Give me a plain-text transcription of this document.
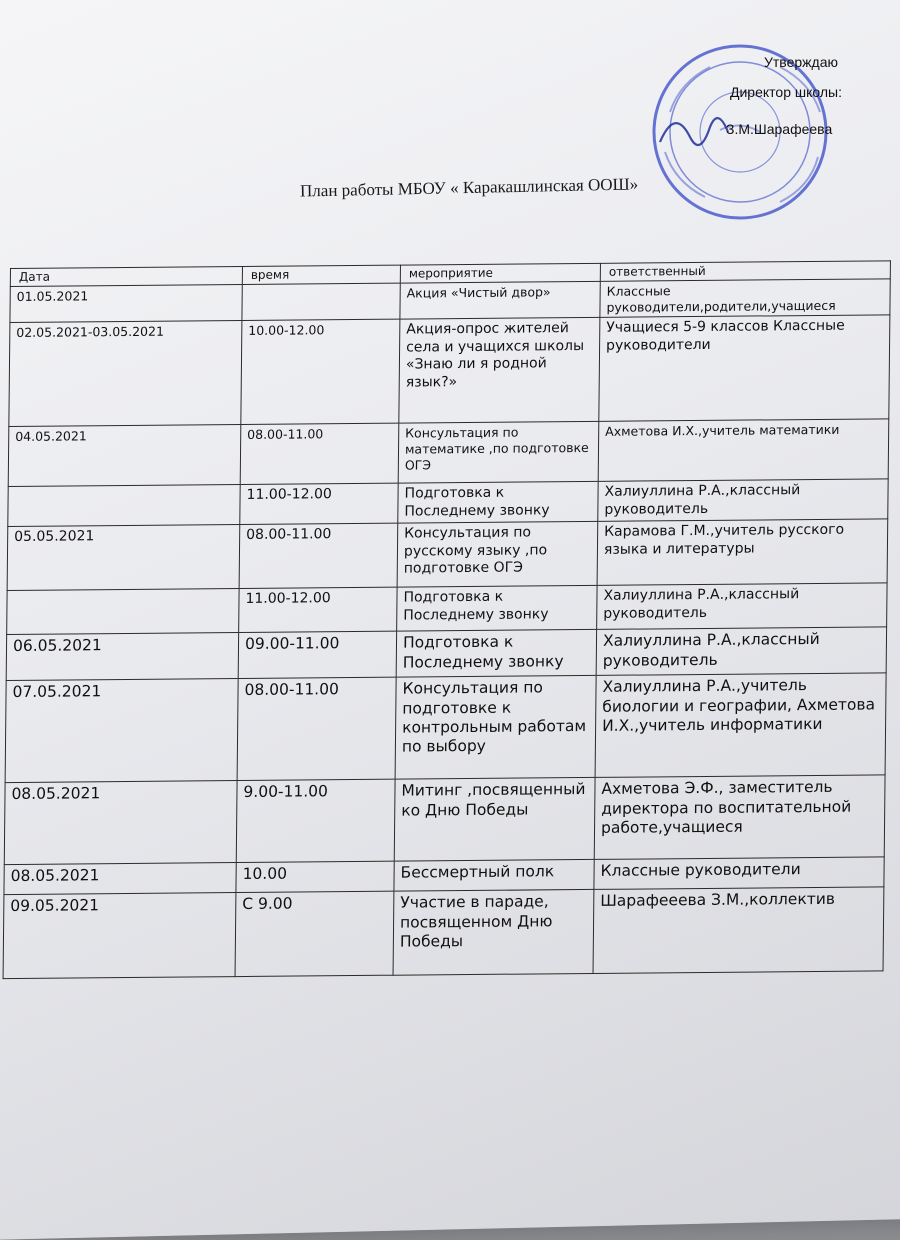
Утверждаю
Директор школы:
З.М.Шарафеева
План работы МБОУ « Каракашлинская ООШ»
Дата	время	мероприятие	ответственный
01.05.2021		Акция «Чистый двор»	Классные руководители,родители,учащиеся
02.05.2021-03.05.2021	10.00-12.00	Акция-опрос жителей села и учащихся школы «Знаю ли я родной язык?»	Учащиеся 5-9 классов Классные руководители
04.05.2021	08.00-11.00	Консультация по математике ,по подготовке ОГЭ	Ахметова И.Х.,учитель математики
	11.00-12.00	Подготовка к Последнему звонку	Халиуллина Р.А.,классный руководитель
05.05.2021	08.00-11.00	Консультация по русскому языку ,по подготовке ОГЭ	Карамова Г.М.,учитель русского языка и литературы
	11.00-12.00	Подготовка к Последнему звонку	Халиуллина Р.А.,классный руководитель
06.05.2021	09.00-11.00	Подготовка к Последнему звонку	Халиуллина Р.А.,классный руководитель
07.05.2021	08.00-11.00	Консультация по подготовке к контрольным работам по выбору	Халиуллина Р.А.,учитель биологии и географии, Ахметова И.Х.,учитель информатики
08.05.2021	9.00-11.00	Митинг ,посвященный ко Дню Победы	Ахметова Э.Ф., заместитель директора по воспитательной работе,учащиеся
08.05.2021	10.00	Бессмертный полк	Классные руководители
09.05.2021	С 9.00	Участие в параде, посвященном Дню Победы	Шарафееева З.М.,коллектив
